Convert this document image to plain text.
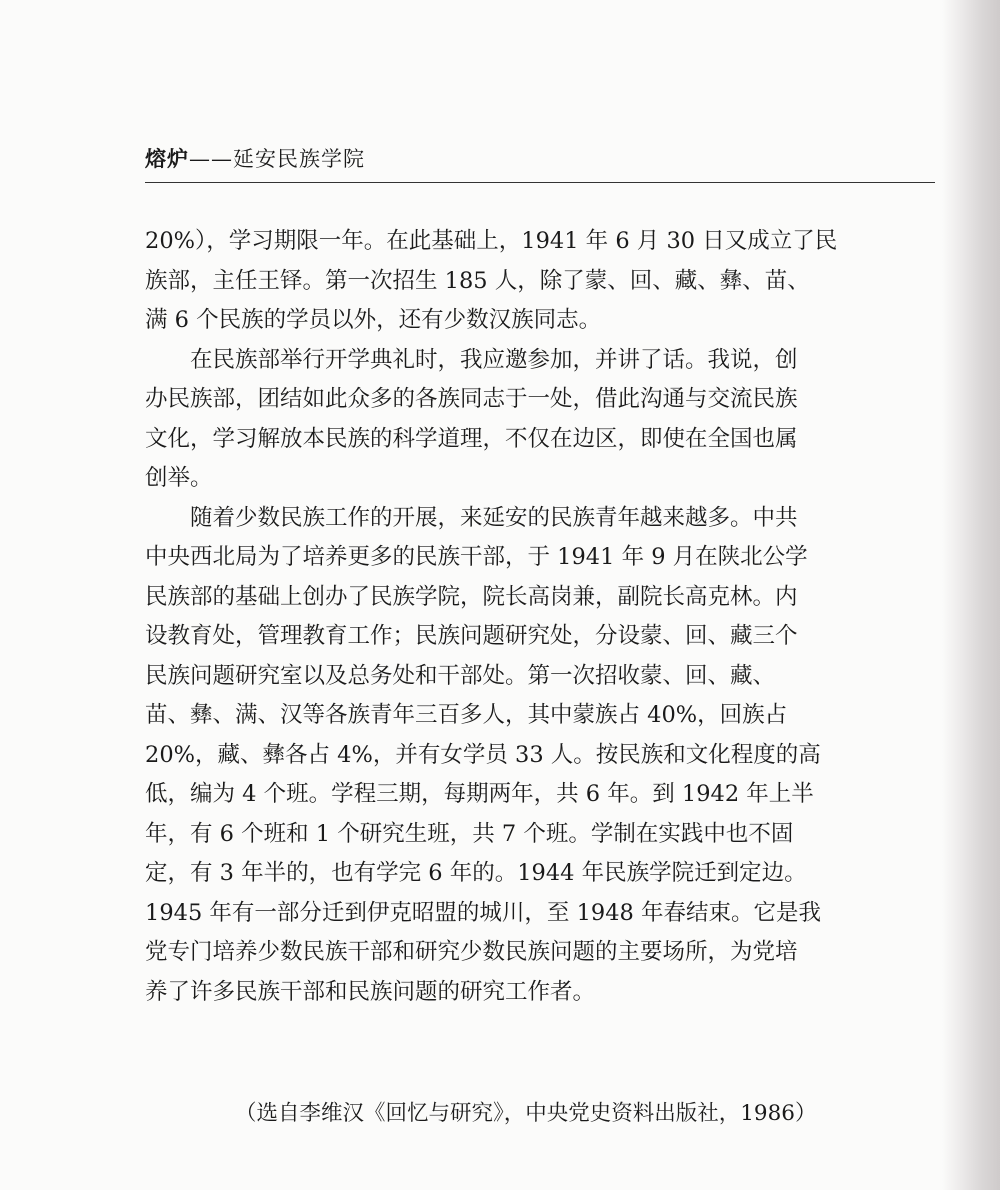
熔炉——延安民族学院
20%），学习期限一年。在此基础上，1941 年 6 月 30 日又成立了民
族部，主任王铎。第一次招生 185 人，除了蒙、回、藏、彝、苗、
满 6 个民族的学员以外，还有少数汉族同志。
　　在民族部举行开学典礼时，我应邀参加，并讲了话。我说，创
办民族部，团结如此众多的各族同志于一处，借此沟通与交流民族
文化，学习解放本民族的科学道理，不仅在边区，即使在全国也属
创举。
　　随着少数民族工作的开展，来延安的民族青年越来越多。中共
中央西北局为了培养更多的民族干部，于 1941 年 9 月在陕北公学
民族部的基础上创办了民族学院，院长高岗兼，副院长高克林。内
设教育处，管理教育工作；民族问题研究处，分设蒙、回、藏三个
民族问题研究室以及总务处和干部处。第一次招收蒙、回、藏、
苗、彝、满、汉等各族青年三百多人，其中蒙族占 40%，回族占
20%，藏、彝各占 4%，并有女学员 33 人。按民族和文化程度的高
低，编为 4 个班。学程三期，每期两年，共 6 年。到 1942 年上半
年，有 6 个班和 1 个研究生班，共 7 个班。学制在实践中也不固
定，有 3 年半的，也有学完 6 年的。1944 年民族学院迁到定边。
1945 年有一部分迁到伊克昭盟的城川，至 1948 年春结束。它是我
党专门培养少数民族干部和研究少数民族问题的主要场所，为党培
养了许多民族干部和民族问题的研究工作者。
（选自李维汉《回忆与研究》，中央党史资料出版社，1986）
